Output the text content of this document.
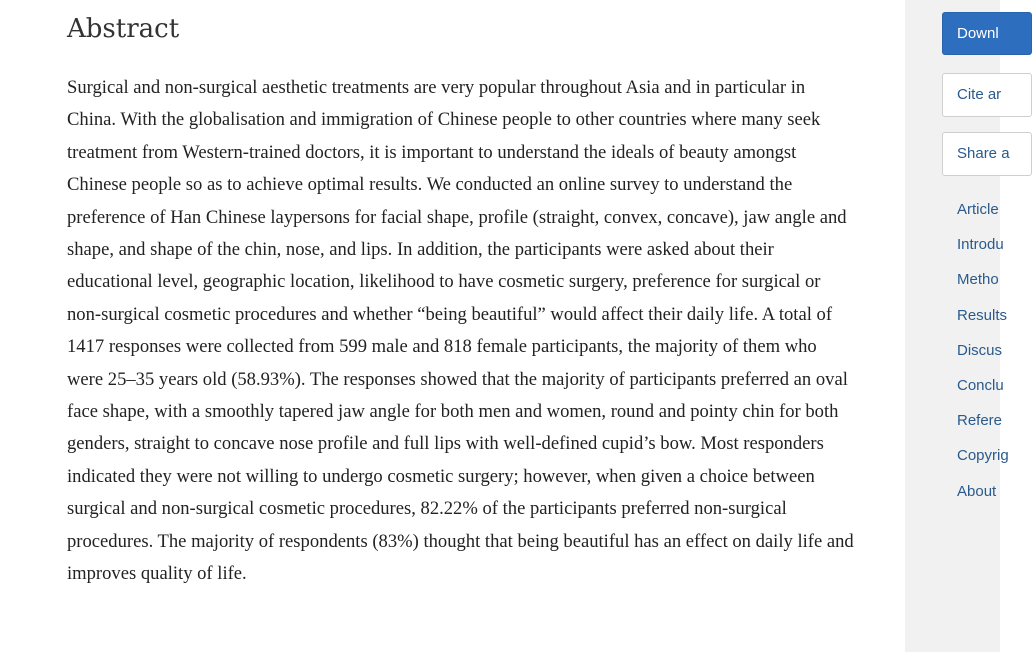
Abstract

Surgical and non-surgical aesthetic treatments are very popular throughout Asia and in particular in China. With the globalisation and immigration of Chinese people to other countries where many seek treatment from Western-trained doctors, it is important to understand the ideals of beauty amongst Chinese people so as to achieve optimal results. We conducted an online survey to understand the preference of Han Chinese laypersons for facial shape, profile (straight, convex, concave), jaw angle and shape, and shape of the chin, nose, and lips. In addition, the participants were asked about their educational level, geographic location, likelihood to have cosmetic surgery, preference for surgical or non-surgical cosmetic procedures and whether “being beautiful” would affect their daily life. A total of 1417 responses were collected from 599 male and 818 female participants, the majority of them who were 25–35 years old (58.93%). The responses showed that the majority of participants preferred an oval face shape, with a smoothly tapered jaw angle for both men and women, round and pointy chin for both genders, straight to concave nose profile and full lips with well-defined cupid’s bow. Most responders indicated they were not willing to undergo cosmetic surgery; however, when given a choice between surgical and non-surgical cosmetic procedures, 82.22% of the participants preferred non-surgical procedures. The majority of respondents (83%) thought that being beautiful has an effect on daily life and improves quality of life.

Downl
Cite ar
Share a
Article
Introdu
Metho
Results
Discus
Conclu
Refere
Copyrig
About
